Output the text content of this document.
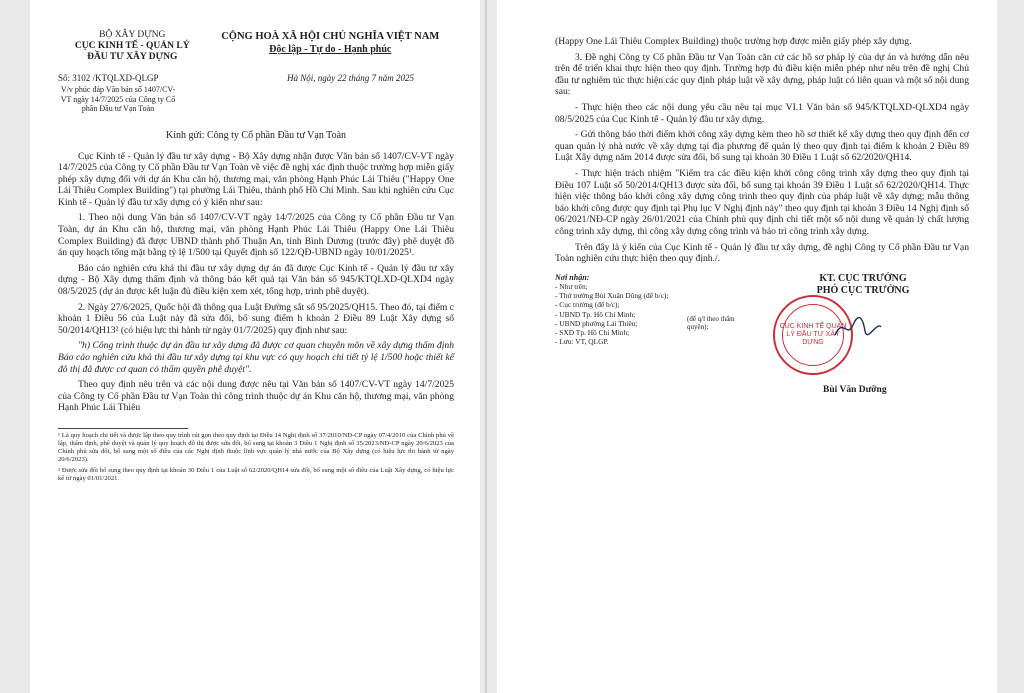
BỘ XÂY DỰNG
CỤC KINH TẾ - QUẢN LÝ
ĐẦU TƯ XÂY DỰNG
CỘNG HOÀ XÃ HỘI CHỦ NGHĨA VIỆT NAM
Độc lập - Tự do - Hạnh phúc
Số: 3102 /KTQLXD-QLGP	Hà Nội, ngày 22 tháng 7 năm 2025
V/v phúc đáp Văn bản số 1407/CV-VT ngày 14/7/2025 của Công ty Cổ phần Đầu tư Vạn Toàn
Kính gửi: Công ty Cổ phần Đầu tư Vạn Toàn

Cục Kinh tế - Quản lý đầu tư xây dựng - Bộ Xây dựng nhận được Văn bản số 1407/CV-VT ngày 14/7/2025 của Công ty Cổ phần Đầu tư Vạn Toàn về việc đề nghị xác định thuộc trường hợp miễn giấy phép xây dựng đối với dự án Khu căn hộ, thương mại, văn phòng Hạnh Phúc Lái Thiêu ("Happy One Lái Thiêu Complex Building") tại phường Lái Thiêu, thành phố Hồ Chí Minh. Sau khi nghiên cứu Cục Kinh tế - Quản lý đầu tư xây dựng có ý kiến như sau:

1. Theo nội dung Văn bản số 1407/CV-VT ngày 14/7/2025 của Công ty Cổ phần Đầu tư Vạn Toàn, dự án Khu căn hộ, thương mại, văn phòng Hạnh Phúc Lái Thiêu (Happy One Lái Thiêu Complex Building) đã được UBND thành phố Thuận An, tỉnh Bình Dương (trước đây) phê duyệt đồ án quy hoạch tổng mặt bằng tỷ lệ 1/500 tại Quyết định số 122/QĐ-UBND ngày 10/01/2025¹.

Báo cáo nghiên cứu khả thi đầu tư xây dựng dự án đã được Cục Kinh tế - Quản lý đầu tư xây dựng - Bộ Xây dựng thẩm định và thông báo kết quả tại Văn bản số 945/KTQLXD-QLXD4 ngày 08/5/2025 (dự án được kết luận đủ điều kiện xem xét, tổng hợp, trình phê duyệt).

2. Ngày 27/6/2025, Quốc hội đã thông qua Luật Đường sắt số 95/2025/QH15. Theo đó, tại điểm c khoản 1 Điều 56 của Luật này đã sửa đổi, bổ sung điểm h khoản 2 Điều 89 Luật Xây dựng số 50/2014/QH13² (có hiệu lực thi hành từ ngày 01/7/2025) quy định như sau:

"h) Công trình thuộc dự án đầu tư xây dựng đã được cơ quan chuyên môn về xây dựng thẩm định Báo cáo nghiên cứu khả thi đầu tư xây dựng tại khu vực có quy hoạch chi tiết tỷ lệ 1/500 hoặc thiết kế đô thị đã được cơ quan có thẩm quyền phê duyệt".

Theo quy định nêu trên và các nội dung được nêu tại Văn bản số 1407/CV-VT ngày 14/7/2025 của Công ty Cổ phần Đầu tư Vạn Toàn thì công trình thuộc dự án Khu căn hộ, thương mại, văn phòng Hạnh Phúc Lái Thiêu

¹ Là quy hoạch chi tiết và được lập theo quy trình rút gọn theo quy định tại Điều 14 Nghị định số 37/2010/NĐ-CP ngày 07/4/2010 của Chính phủ về lập, thẩm định, phê duyệt và quản lý quy hoạch đô thị được sửa đổi, bổ sung tại khoản 3 Điều 1 Nghị định số 35/2023/NĐ-CP ngày 20/6/2023 của Chính phủ sửa đổi, bổ sung một số điều của các Nghị định thuộc lĩnh vực quản lý nhà nước của Bộ Xây dựng (có hiệu lực thi hành từ ngày 20/6/2023).
² Được sửa đổi bổ sung theo quy định tại khoản 30 Điều 1 của Luật số 62/2020/QH14 sửa đổi, bổ sung một số điều của Luật Xây dựng, có hiệu lực kể từ ngày 01/01/2021.

(Happy One Lái Thiêu Complex Building) thuộc trường hợp được miễn giấy phép xây dựng.

3. Đề nghị Công ty Cổ phần Đầu tư Vạn Toàn căn cứ các hồ sơ pháp lý của dự án và hướng dẫn nêu trên để triển khai thực hiện theo quy định. Trường hợp đủ điều kiện miễn phép như nêu trên đề nghị Chủ đầu tư nghiêm túc thực hiện các quy định pháp luật về xây dựng, pháp luật có liên quan và một số nội dung sau:

- Thực hiện theo các nội dung yêu cầu nêu tại mục VI.1 Văn bản số 945/KTQLXD-QLXD4 ngày 08/5/2025 của Cục Kinh tế - Quản lý đầu tư xây dựng.

- Gửi thông báo thời điểm khởi công xây dựng kèm theo hồ sơ thiết kế xây dựng theo quy định đến cơ quan quản lý nhà nước về xây dựng tại địa phương để quản lý theo quy định tại điểm k khoản 2 Điều 89 Luật Xây dựng năm 2014 được sửa đổi, bổ sung tại khoản 30 Điều 1 Luật số 62/2020/QH14.

- Thực hiện trách nhiệm "Kiểm tra các điều kiện khởi công công trình xây dựng theo quy định tại Điều 107 Luật số 50/2014/QH13 được sửa đổi, bổ sung tại khoản 39 Điều 1 Luật số 62/2020/QH14. Thực hiện việc thông báo khởi công xây dựng công trình theo quy định của pháp luật về xây dựng; mẫu thông báo khởi công được quy định tại Phụ lục V Nghị định này" theo quy định tại khoản 3 Điều 14 Nghị định số 06/2021/NĐ-CP ngày 26/01/2021 của Chính phủ quy định chi tiết một số nội dung về quản lý chất lượng công trình xây dựng, thi công xây dựng công trình và bảo trì công trình xây dựng.

Trên đây là ý kiến của Cục Kinh tế - Quản lý đầu tư xây dựng, đề nghị Công ty Cổ phần Đầu tư Vạn Toàn nghiên cứu thực hiện theo quy định./.

Nơi nhận:
- Như trên;
- Thứ trưởng Bùi Xuân Dũng (để b/c);
- Cục trưởng (để b/c);
- UBND Tp. Hồ Chí Minh;
- UBND phường Lái Thiêu;
- SXD Tp. Hồ Chí Minh;
- Lưu: VT, QLGP.
(để q/l theo thẩm quyền);
KT. CỤC TRƯỞNG
PHÓ CỤC TRƯỞNG
CỤC KINH TẾ QUẢN LÝ ĐẦU TƯ XÂY DỰNG
Bùi Văn Dưỡng
